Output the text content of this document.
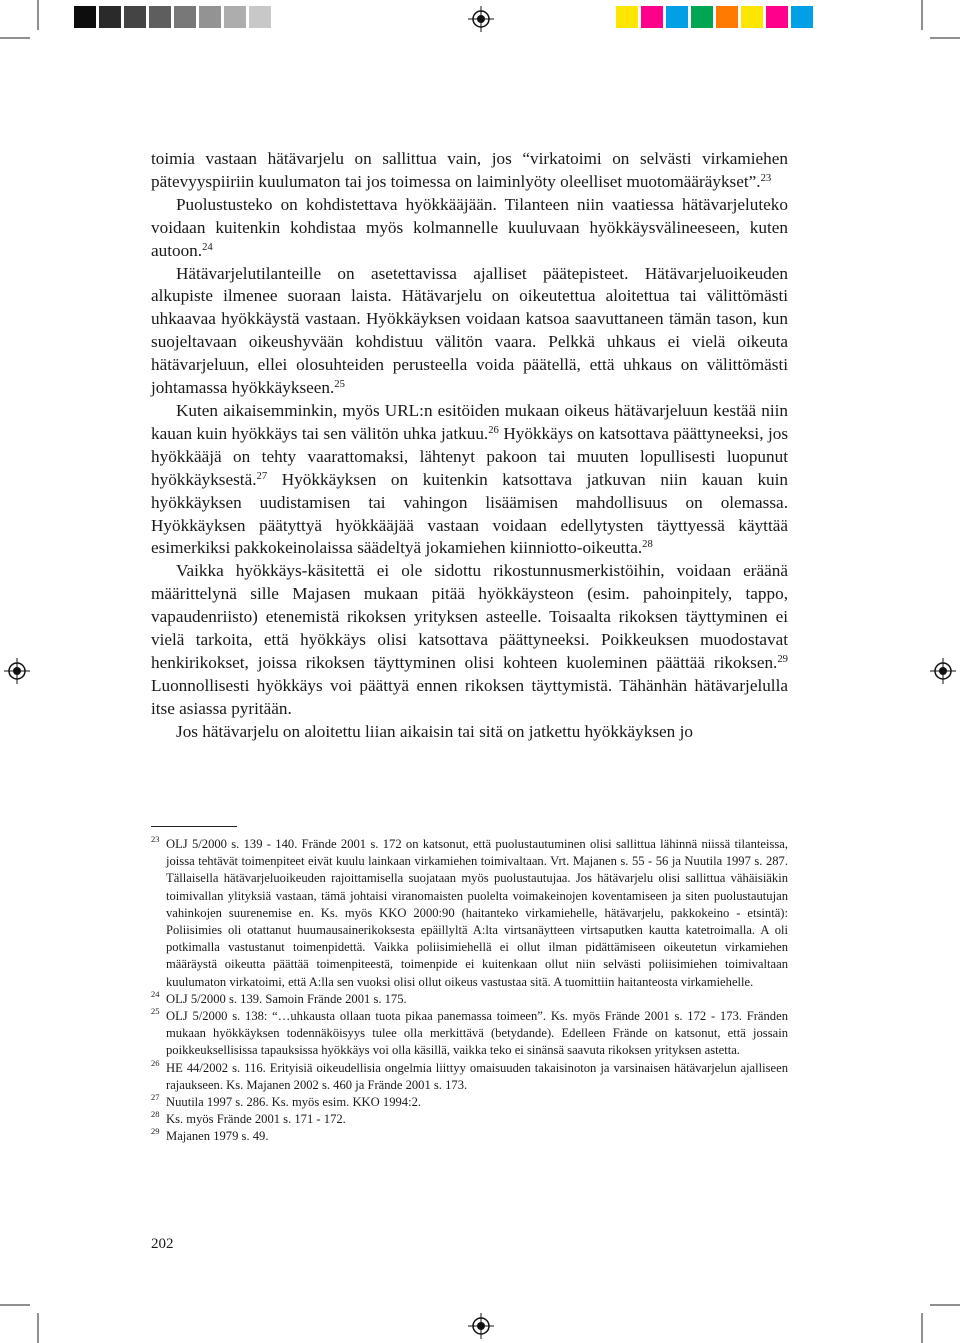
toimia vastaan hätävarjelu on sallittua vain, jos “virkatoimi on selvästi virkamiehen pätevyyspiiriin kuulumaton tai jos toimessa on laiminlyöty oleelliset muotomääräykset”.$^{23}$

Puolustusteko on kohdistettava hyökkääjään. Tilanteen niin vaatiessa hätävarjeluteko voidaan kuitenkin kohdistaa myös kolmannelle kuuluvaan hyökkäysvälineeseen, kuten autoon.$^{24}$

Hätävarjelutilanteille on asetettavissa ajalliset päätepisteet. Hätävarjeluoikeuden alkupiste ilmenee suoraan laista. Hätävarjelu on oikeutettua aloitettua tai välittömästi uhkaavaa hyökkäystä vastaan. Hyökkäyksen voidaan katsoa saavuttaneen tämän tason, kun suojeltavaan oikeushyvään kohdistuu välitön vaara. Pelkkä uhkaus ei vielä oikeuta hätävarjeluun, ellei olosuhteiden perusteella voida päätellä, että uhkaus on välittömästi johtamassa hyökkäykseen.$^{25}$

Kuten aikaisemminkin, myös URL:n esitöiden mukaan oikeus hätävarjeluun kestää niin kauan kuin hyökkäys tai sen välitön uhka jatkuu.$^{26}$ Hyökkäys on katsottava päättyneeksi, jos hyökkääjä on tehty vaarattomaksi, lähtenyt pakoon tai muuten lopullisesti luopunut hyökkäyksestä.$^{27}$ Hyökkäyksen on kuitenkin katsottava jatkuvan niin kauan kuin hyökkäyksen uudistamisen tai vahingon lisäämisen mahdollisuus on olemassa. Hyökkäyksen päätyttyä hyökkääjää vastaan voidaan edellytysten täyttyessä käyttää esimerkiksi pakkokeinolaissa säädeltyä jokamiehen kiinniotto-oikeutta.$^{28}$

Vaikka hyökkäys-käsitettä ei ole sidottu rikostunnusmerkistöihin, voidaan eräänä määrittelynä sille Majasen mukaan pitää hyökkäysteon (esim. pahoinpitely, tappo, vapaudenriisto) etenemistä rikoksen yrityksen asteelle. Toisaalta rikoksen täyttyminen ei vielä tarkoita, että hyökkäys olisi katsottava päättyneeksi. Poikkeuksen muodostavat henkirikokset, joissa rikoksen täyttyminen olisi kohteen kuoleminen päättää rikoksen.$^{29}$ Luonnollisesti hyökkäys voi päättyä ennen rikoksen täyttymistä. Tähänhän hätävarjelulla itse asiassa pyritään.

Jos hätävarjelu on aloitettu liian aikaisin tai sitä on jatkettu hyökkäyksen jo

23 OLJ 5/2000 s. 139 - 140. Frände 2001 s. 172 on katsonut, että puolustautuminen olisi sallittua lähinnä niissä tilanteissa, joissa tehtävät toimenpiteet eivät kuulu lainkaan virkamiehen toimivaltaan. Vrt. Majanen s. 55 - 56 ja Nuutila 1997 s. 287. Tällaisella hätävarjeluoikeuden rajoittamisella suojataan myös puolustautujaa. Jos hätävarjelu olisi sallittua vähäisiäkin toimivallan ylityksiä vastaan, tämä johtaisi viranomaisten puolelta voimakeinojen koventamiseen ja siten puolustautujan vahinkojen suurenemise en. Ks. myös KKO 2000:90 (haitanteko virkamiehelle, hätävarjelu, pakkokeino - etsintä): Poliisimies oli otattanut huumausainerikoksesta epäillyltä A:lta virtsanäytteen virtsaputken kautta katetroimalla. A oli potkimalla vastustanut toimenpidettä. Vaikka poliisimiehellä ei ollut ilman pidättämiseen oikeutetun virkamiehen määräystä oikeutta päättää toimenpiteestä, toimenpide ei kuitenkaan ollut niin selvästi poliisimiehen toimivaltaan kuulumaton virkatoimi, että A:lla sen vuoksi olisi ollut oikeus vastustaa sitä. A tuomittiin haitanteosta virkamiehelle.

24 OLJ 5/2000 s. 139. Samoin Frände 2001 s. 175.

25 OLJ 5/2000 s. 138: “…uhkausta ollaan tuota pikaa panemassa toimeen”. Ks. myös Frände 2001 s. 172 - 173. Fränden mukaan hyökkäyksen todennäköisyys tulee olla merkittävä (betydande). Edelleen Frände on katsonut, että jossain poikkeuksellisissa tapauksissa hyökkäys voi olla käsillä, vaikka teko ei sinänsä saavuta rikoksen yrityksen astetta.

26 HE 44/2002 s. 116. Erityisiä oikeudellisia ongelmia liittyy omaisuuden takaisinoton ja varsinaisen hätävarjelun ajalliseen rajaukseen. Ks. Majanen 2002 s. 460 ja Frände 2001 s. 173.

27 Nuutila 1997 s. 286. Ks. myös esim. KKO 1994:2.

28 Ks. myös Frände 2001 s. 171 - 172.

29 Majanen 1979 s. 49.

202
